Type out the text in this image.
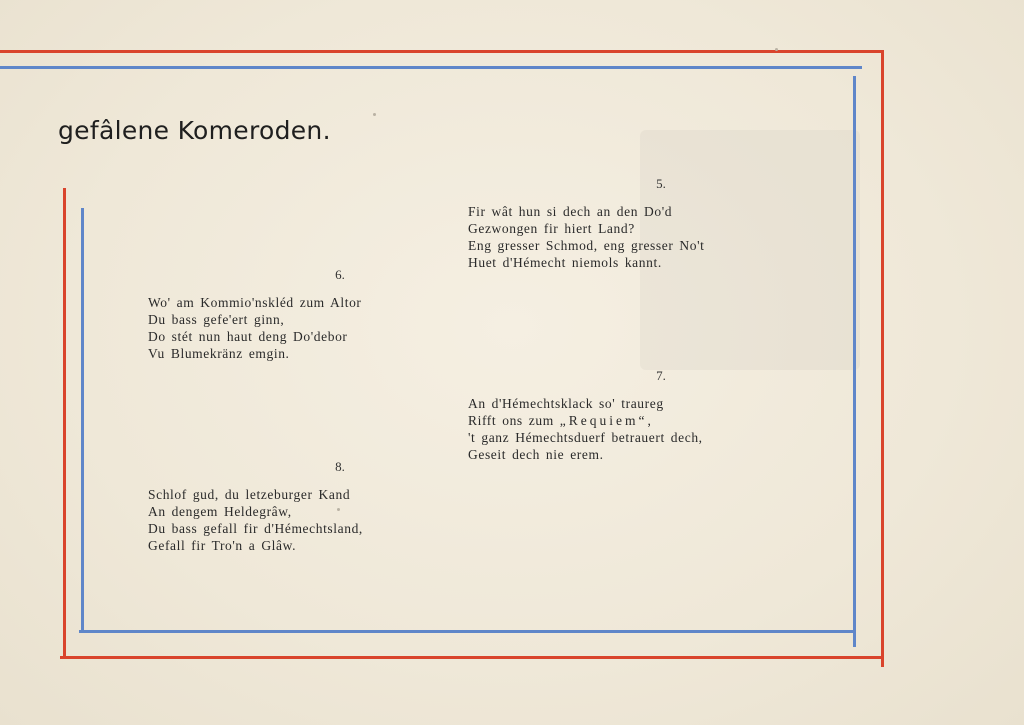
gefâlene Komeroden.
5.
Fir wât hun si dech an den Do'd
Gezwongen fir hiert Land?
Eng gresser Schmod, eng gresser No't
Huet d'Hémecht niemols kannt.
6.
Wo' am Kommio'nskléd zum Altor
Du bass gefe'ert ginn,
Do stét nun haut deng Do'debor
Vu Blumekränz emgin.
7.
An d'Hémechtsklack so' traureg
Rifft ons zum „Requiem“,
't ganz Hémechtsduerf betrauert dech,
Geseit dech nie erem.
8.
Schlof gud, du letzeburger Kand
An dengem Heldegrâw,
Du bass gefall fir d'Hémechtsland,
Gefall fir Tro'n a Glâw.
